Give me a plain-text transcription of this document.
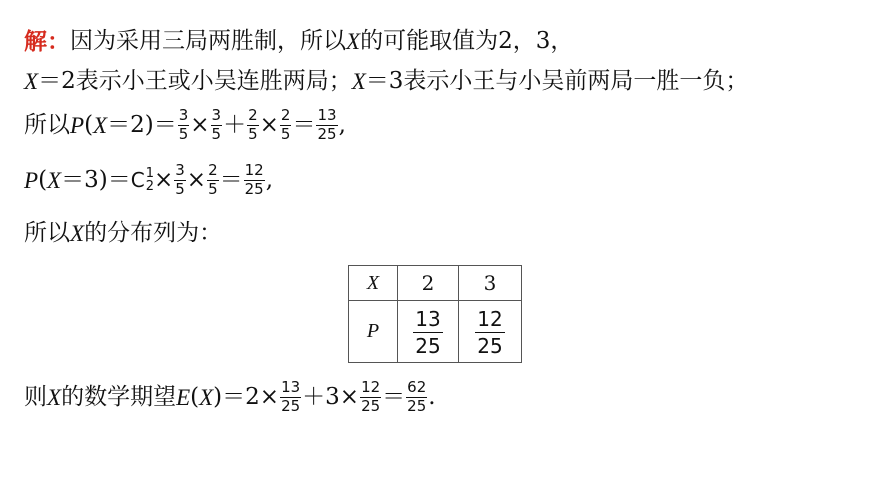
解 ： 因为采用三局两胜制，所以 X 的可能取值为2，3，
X ＝2表示小王或小吴连胜两局； X ＝3表示小王与小吴前两局一胜一负；
所以 P ( $X =2)= \frac{3}{5} \times \frac{3}{5} + \frac{2}{5} \times \frac{2}{5} = \frac{13}{25}$ ,
P ( X ＝3)＝ C 1
$2 \times \frac{3}{5} \times \frac{2}{5} = \frac{12}{25}$ ,
所以 X 的分布列为：
X	2	3
P	$\frac{13}{25}$	$\frac{12}{25}$
则 X 的数学期望 E ( X )$=2\times \frac{13}{25} +3\times \frac{12}{25} = \frac{62}{25}$ .
